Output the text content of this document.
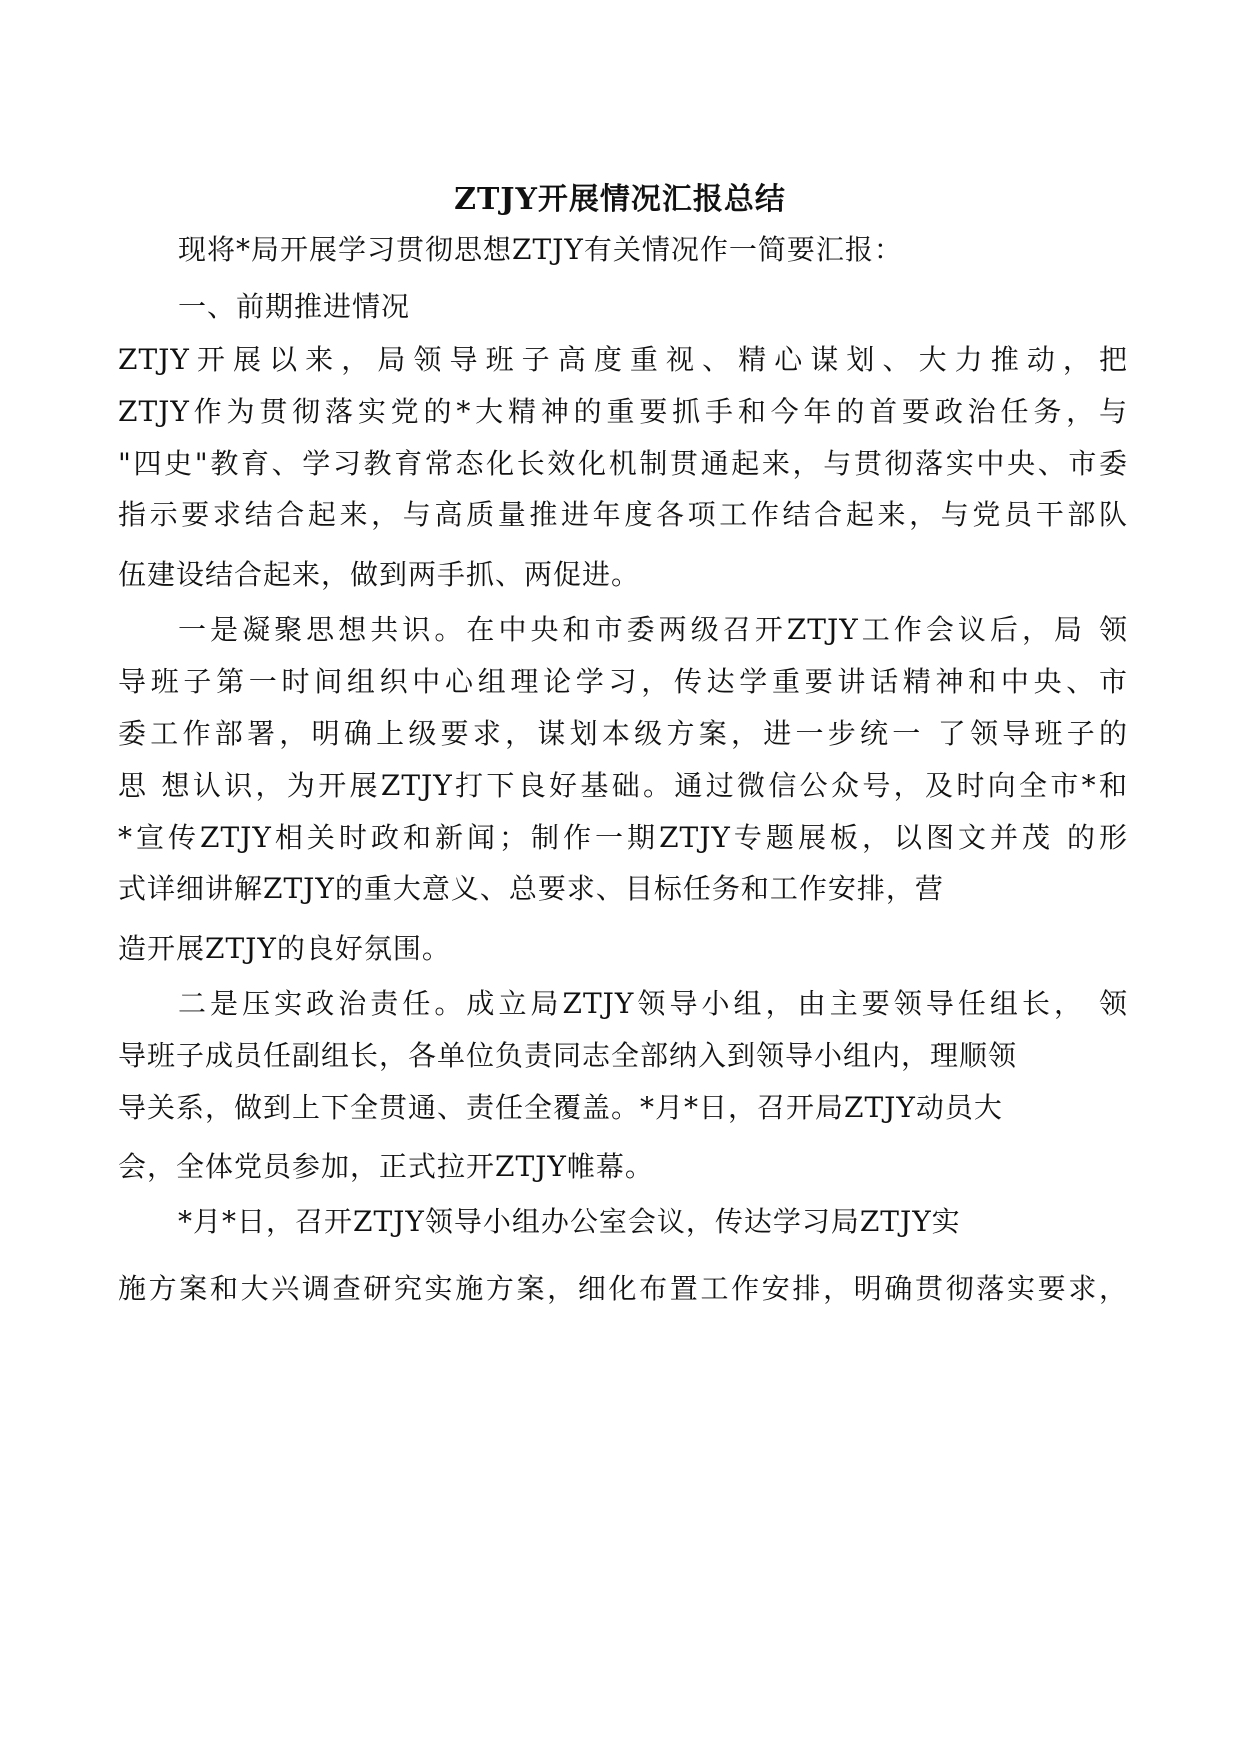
ZTJY开展情况汇报总结
现将*局开展学习贯彻思想ZTJY有关情况作一简要汇报：
一、前期推进情况
ZTJY开展以来，局领导班子高度重视、精心谋划、大力推动，把
ZTJY作为贯彻落实党的*大精神的重要抓手和今年的首要政治任务，与
"四史"教育、学习教育常态化长效化机制贯通起来，与贯彻落实中央、市委
指示要求结合起来，与高质量推进年度各项工作结合起来，与党员干部队
伍建设结合起来，做到两手抓、两促进。
一是凝聚思想共识。在中央和市委两级召开ZTJY工作会议后，局 领
导班子第一时间组织中心组理论学习，传达学重要讲话精神和中央、市
委工作部署，明确上级要求，谋划本级方案，进一步统一 了领导班子的
思 想认识，为开展ZTJY打下良好基础。通过微信公众号，及时向全市*和
*宣传ZTJY相关时政和新闻；制作一期ZTJY专题展板，以图文并茂 的形
式详细讲解ZTJY的重大意义、总要求、目标任务和工作安排，营
造开展ZTJY的良好氛围。
二是压实政治责任。成立局ZTJY领导小组，由主要领导任组长， 领
导班子成员任副组长，各单位负责同志全部纳入到领导小组内，理顺领
导关系，做到上下全贯通、责任全覆盖。*月*日，召开局ZTJY动员大
会，全体党员参加，正式拉开ZTJY帷幕。
*月*日，召开ZTJY领导小组办公室会议，传达学习局ZTJY实
施方案和大兴调查研究实施方案，细化布置工作安排，明确贯彻落实要求，
